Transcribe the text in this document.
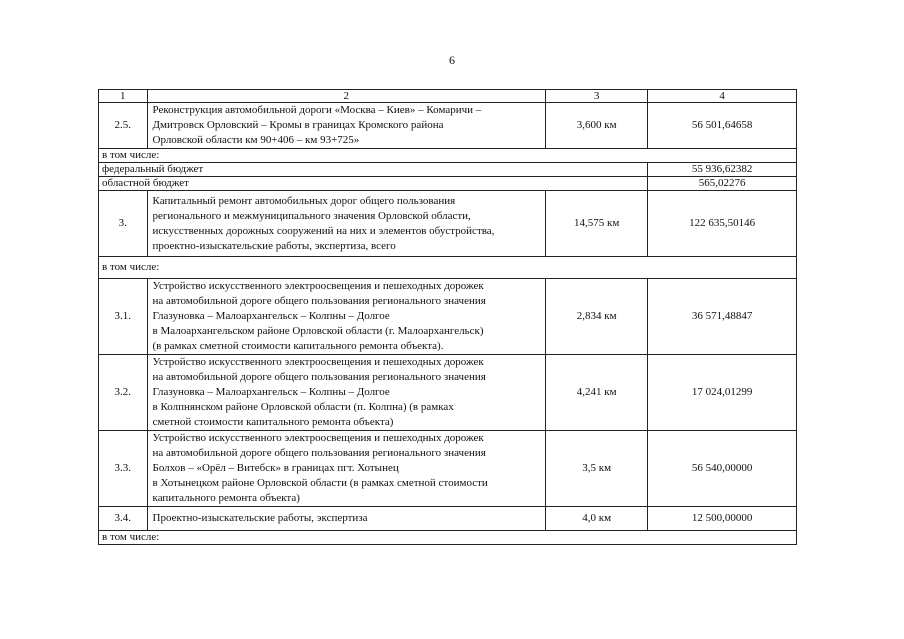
6
1	2	3	4
2.5.	Реконструкция автомобильной дороги «Москва – Киев» – Комаричи –
Дмитровск Орловский – Кромы в границах Кромского района
Орловской области км 90+406 – км 93+725»	3,600 км	56 501,64658
в том числе:			
федеральный бюджет			55 936,62382
областной бюджет			565,02276
3.	Капитальный ремонт автомобильных дорог общего пользования
регионального и межмуниципального значения Орловской области,
искусственных дорожных сооружений на них и элементов обустройства,
проектно-изыскательские работы, экспертиза, всего	14,575 км	122 635,50146
в том числе:			
3.1.	Устройство искусственного электроосвещения и пешеходных дорожек
на автомобильной дороге общего пользования регионального значения
Глазуновка – Малоархангельск – Колпны – Долгое
в Малоархангельском районе Орловской области (г. Малоархангельск)
(в рамках сметной стоимости капитального ремонта объекта).	2,834 км	36 571,48847
3.2.	Устройство искусственного электроосвещения и пешеходных дорожек
на автомобильной дороге общего пользования регионального значения
Глазуновка – Малоархангельск – Колпны – Долгое
в Колпнянском районе Орловской области (п. Колпна) (в рамках
сметной стоимости капитального ремонта объекта)	4,241 км	17 024,01299
3.3.	Устройство искусственного электроосвещения и пешеходных дорожек
на автомобильной дороге общего пользования регионального значения
Болхов – «Орёл – Витебск» в границах пгт. Хотынец
в Хотынецком районе Орловской области (в рамках сметной стоимости
капитального ремонта объекта)	3,5 км	56 540,00000
3.4.	Проектно-изыскательские работы, экспертиза	4,0 км	12 500,00000
в том числе:			
